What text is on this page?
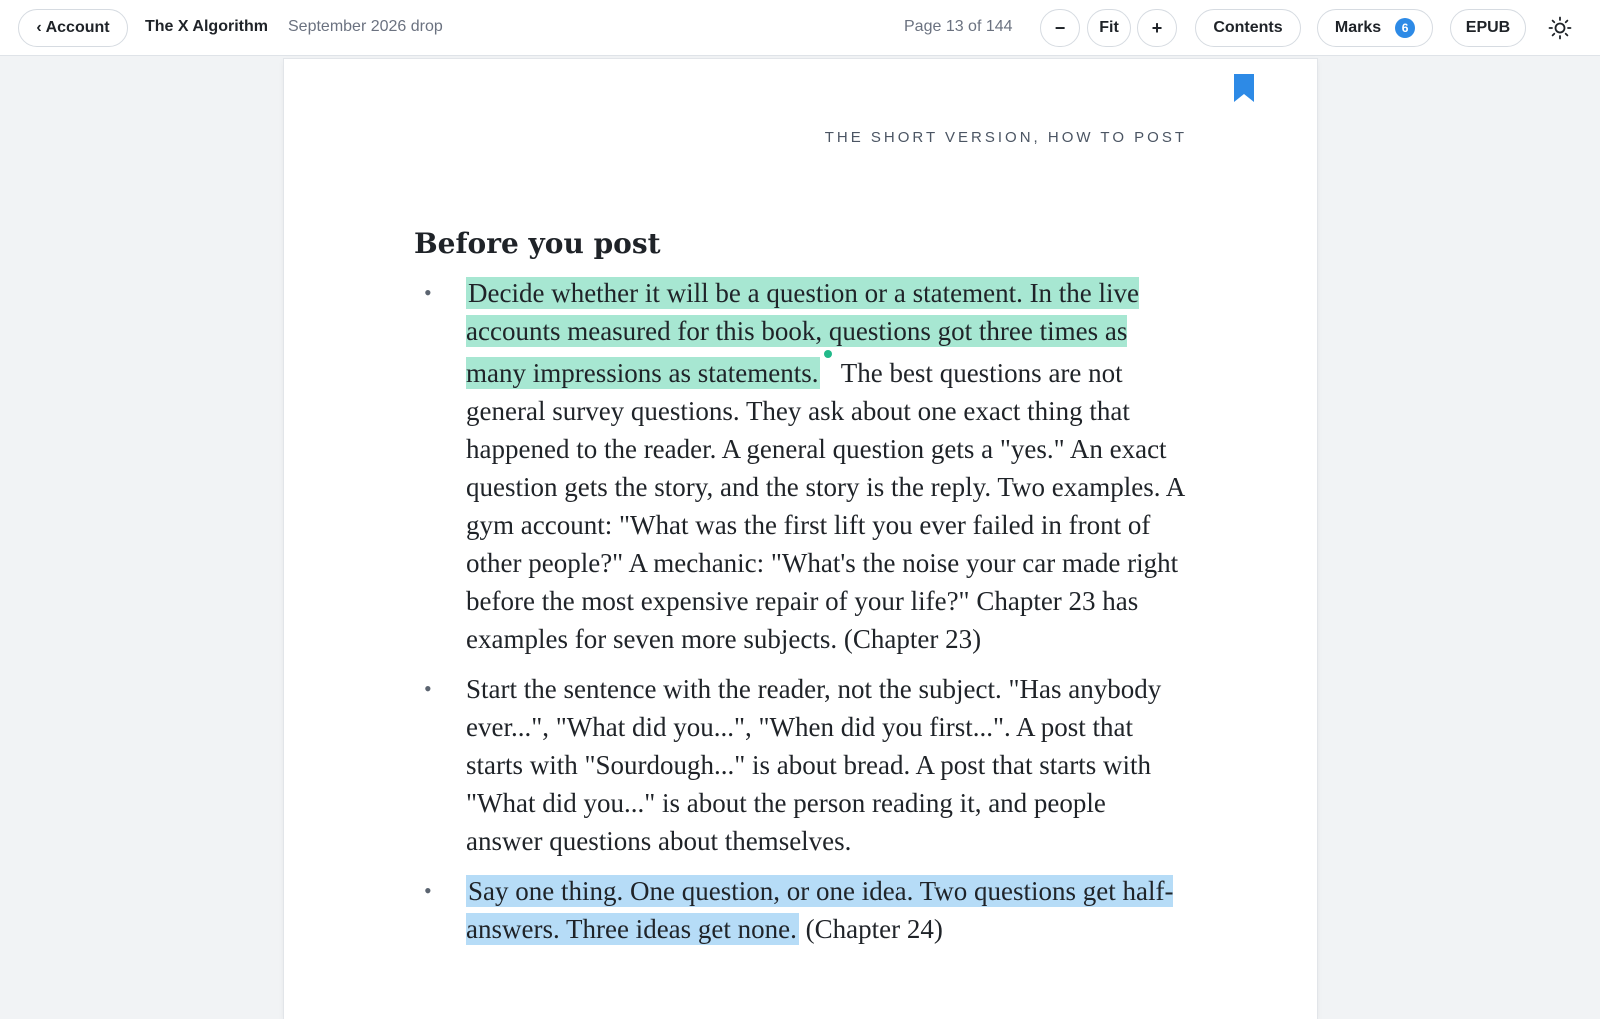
‹ Account	The X Algorithm September 2026 drop	Page 13 of 144	−	Fit	+	Contents	Marks	6	EPUB
THE SHORT VERSION, HOW TO POST
Before you post
• Decide whether it will be a question or a statement. In the live accounts measured for this book, questions got three times as many impressions as statements. The best questions are not general survey questions. They ask about one exact thing that happened to the reader. A general question gets a "yes." An exact question gets the story, and the story is the reply. Two examples. A gym account: "What was the first lift you ever failed in front of other people?" A mechanic: "What's the noise your car made right before the most expensive repair of your life?" Chapter 23 has examples for seven more subjects. (Chapter 23)
• Start the sentence with the reader, not the subject. "Has anybody ever...", "What did you...", "When did you first...". A post that starts with "Sourdough..." is about bread. A post that starts with "What did you..." is about the person reading it, and people answer questions about themselves.
• Say one thing. One question, or one idea. Two questions get half-answers. Three ideas get none. (Chapter 24)
